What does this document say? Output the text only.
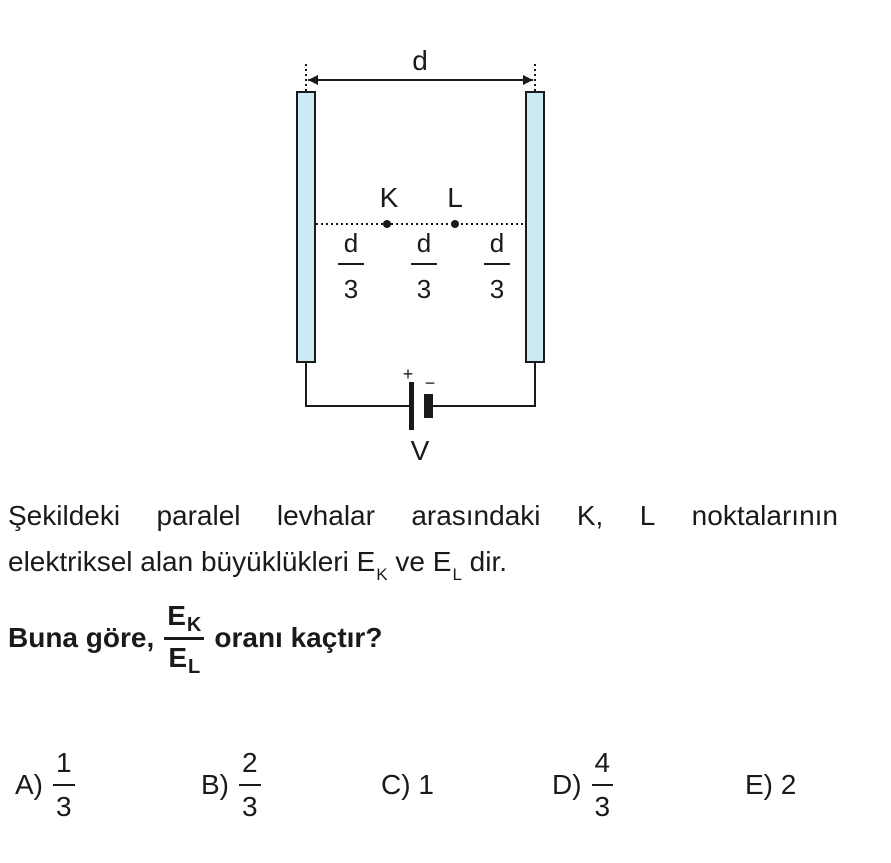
d
K L
d
3
d
3
d
3
+ −
V
Şekildeki paralel levhalar arasındaki K, L noktalarının
elektriksel alan büyüklükleri $E_K$ ve $E_L$ dir.
Buna göre, $\frac{E_K}{E_L}$ oranı kaçtır?
$A) \frac{1}{3}$	$B) \frac{2}{3}$	C)
1	$D) \frac{4}{3}$	E)
2
